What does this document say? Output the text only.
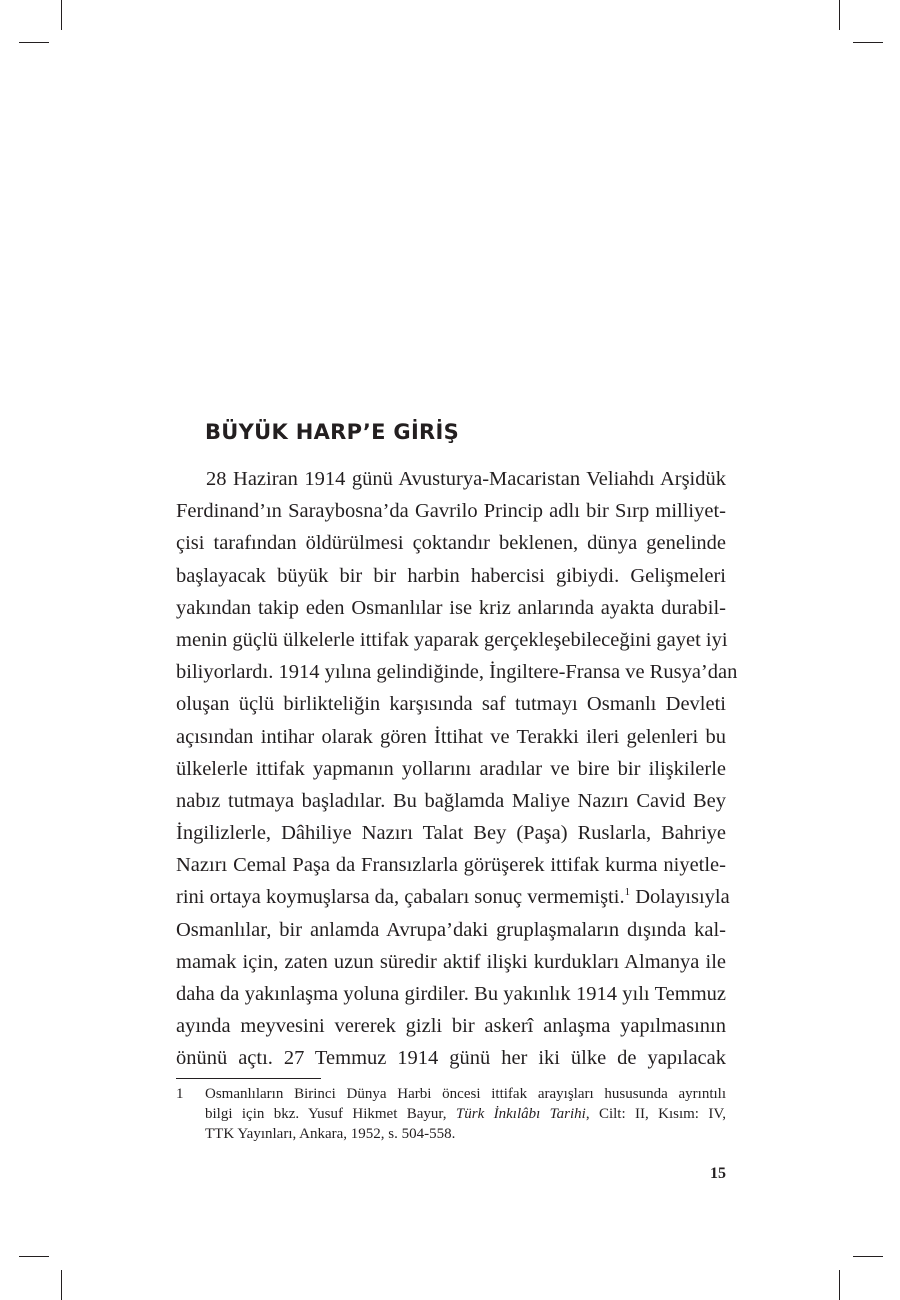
BÜYÜK HARP’E GİRİŞ
28 Haziran 1914 günü Avusturya-Macaristan Veliahdı Arşidük
Ferdinand’ın Saraybosna’da Gavrilo Princip adlı bir Sırp milliyet-
çisi tarafından öldürülmesi çoktandır beklenen, dünya genelinde
başlayacak büyük bir bir harbin habercisi gibiydi. Gelişmeleri
yakından takip eden Osmanlılar ise kriz anlarında ayakta durabil-
menin güçlü ülkelerle ittifak yaparak gerçekleşebileceğini gayet iyi
biliyorlardı. 1914 yılına gelindiğinde, İngiltere-Fransa ve Rusya’dan
oluşan üçlü birlikteliğin karşısında saf tutmayı Osmanlı Devleti
açısından intihar olarak gören İttihat ve Terakki ileri gelenleri bu
ülkelerle ittifak yapmanın yollarını aradılar ve bire bir ilişkilerle
nabız tutmaya başladılar. Bu bağlamda Maliye Nazırı Cavid Bey
İngilizlerle, Dâhiliye Nazırı Talat Bey (Paşa) Ruslarla, Bahriye
Nazırı Cemal Paşa da Fransızlarla görüşerek ittifak kurma niyetle-
rini ortaya koymuşlarsa da, çabaları sonuç vermemişti.$^1$ Dolayısıyla
Osmanlılar, bir anlamda Avrupa’daki gruplaşmaların dışında kal-
mamak için, zaten uzun süredir aktif ilişki kurdukları Almanya ile
daha da yakınlaşma yoluna girdiler. Bu yakınlık 1914 yılı Temmuz
ayında meyvesini vererek gizli bir askerî anlaşma yapılmasının
önünü açtı. 27 Temmuz 1914 günü her iki ülke de yapılacak
1 Osmanlıların Birinci Dünya Harbi öncesi ittifak arayışları hususunda ayrıntılı
bilgi için bkz. Yusuf Hikmet Bayur, Türk İnkılâbı Tarihi, Cilt: II, Kısım: IV,
TTK Yayınları, Ankara, 1952, s. 504-558.
15
